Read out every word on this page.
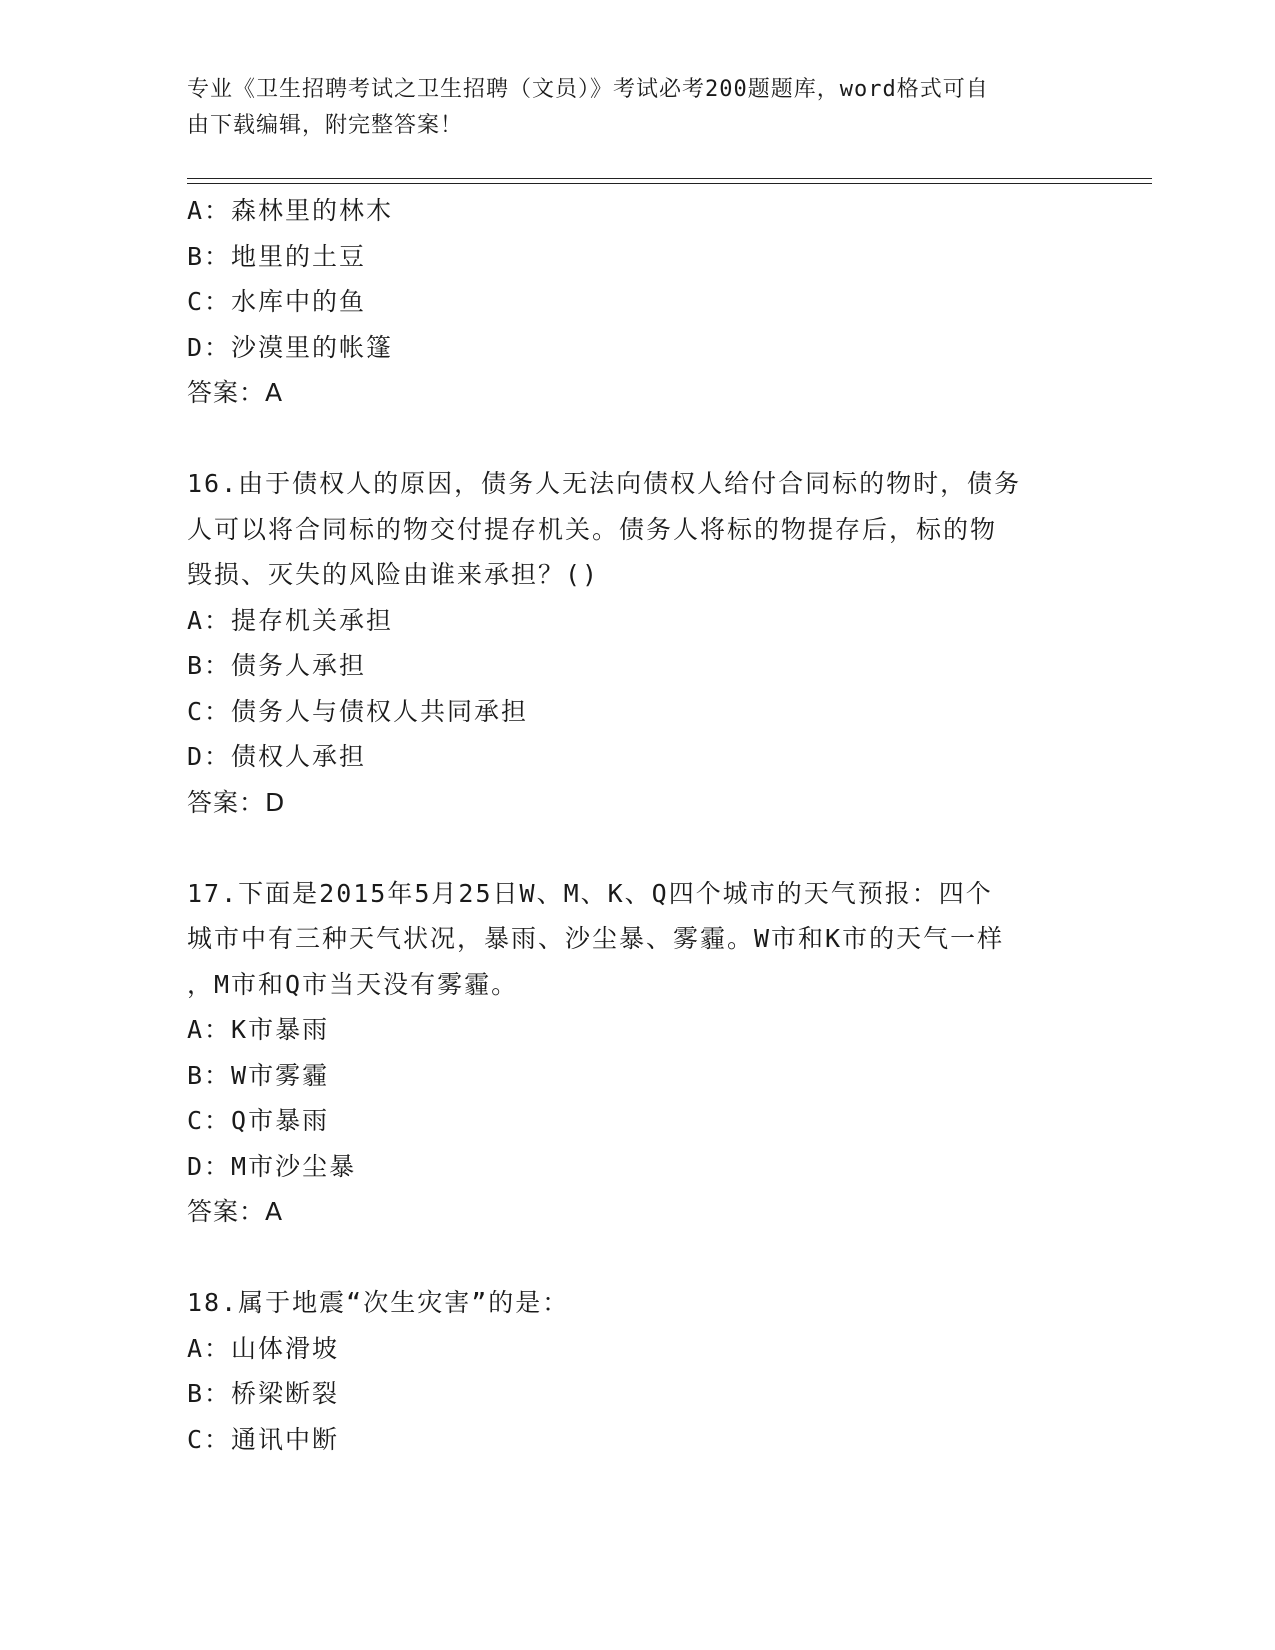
专业《卫生招聘考试之卫生招聘（文员）》考试必考200题题库，word格式可自
由下载编辑，附完整答案！
A：森林里的林木
B：地里的土豆
C：水库中的鱼
D：沙漠里的帐篷
答案：A
16.由于债权人的原因，债务人无法向债权人给付合同标的物时，债务
人可以将合同标的物交付提存机关。债务人将标的物提存后，标的物
毁损、灭失的风险由谁来承担？()
A：提存机关承担
B：债务人承担
C：债务人与债权人共同承担
D：债权人承担
答案：D
17.下面是2015年5月25日W、M、K、Q四个城市的天气预报：四个
城市中有三种天气状况，暴雨、沙尘暴、雾霾。W市和K市的天气一样
，M市和Q市当天没有雾霾。
A：K市暴雨
B：W市雾霾
C：Q市暴雨
D：M市沙尘暴
答案：A
18.属于地震“次生灾害”的是：
A：山体滑坡
B：桥梁断裂
C：通讯中断
